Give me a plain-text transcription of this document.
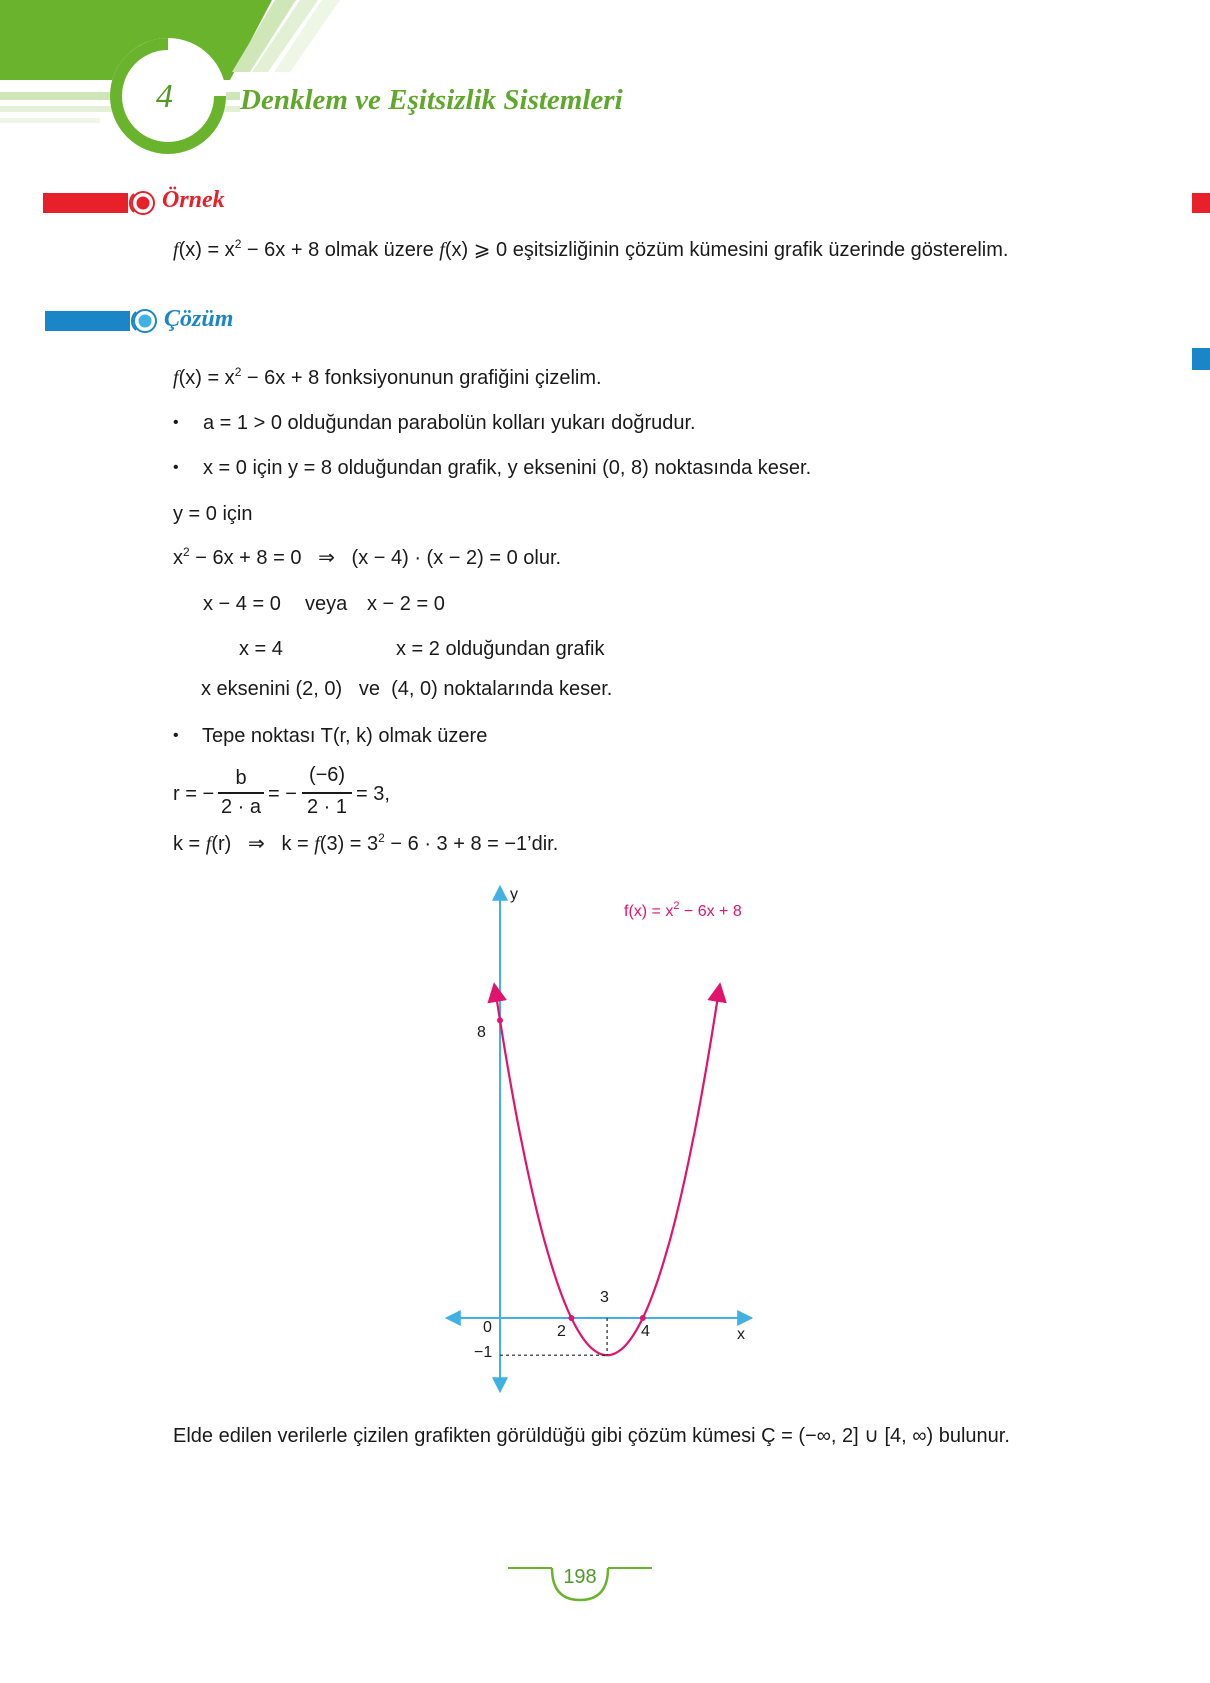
4 Denklem ve Eşitsizlik Sistemleri
Örnek
$f(x) = x^2 - 6x + 8$ olmak üzere f(x) ⩾ 0 eşitsizliğinin çözüm kümesini grafik üzerinde gösterelim.
Çözüm
$f(x) = x^2 - 6x + 8$ fonksiyonunun grafiğini çizelim.
• a = 1 > 0 olduğundan parabolün kolları yukarı doğrudur.
• x = 0 için y = 8 olduğundan grafik, y eksenini (0, 8) noktasında keser.
y = 0 için
$x^2 - 6x + 8 = 0$   ⇒   (x − 4) · (x − 2) = 0 olur.
x − 4 = 0 veya x − 2 = 0
x = 4	x = 2 olduğundan grafik
x eksenini (2, 0)   ve  (4, 0) noktalarında keser.
• Tepe noktası T(r, k) olmak üzere
r = −
b
2 · a
= −
(−6)
2 · 1
= 3,
k = f(r)   ⇒   $k = f(3) = 3^2 - 6 \cdot 3 + 8$ = −1’dir.
x
y
8
−1
0	2
3
4
$f(x) = x^2 - 6x + 8$
Elde edilen verilerle çizilen grafikten görüldüğü gibi çözüm kümesi Ç = (−∞, 2] ∪ [4, ∞) bulunur.
198
